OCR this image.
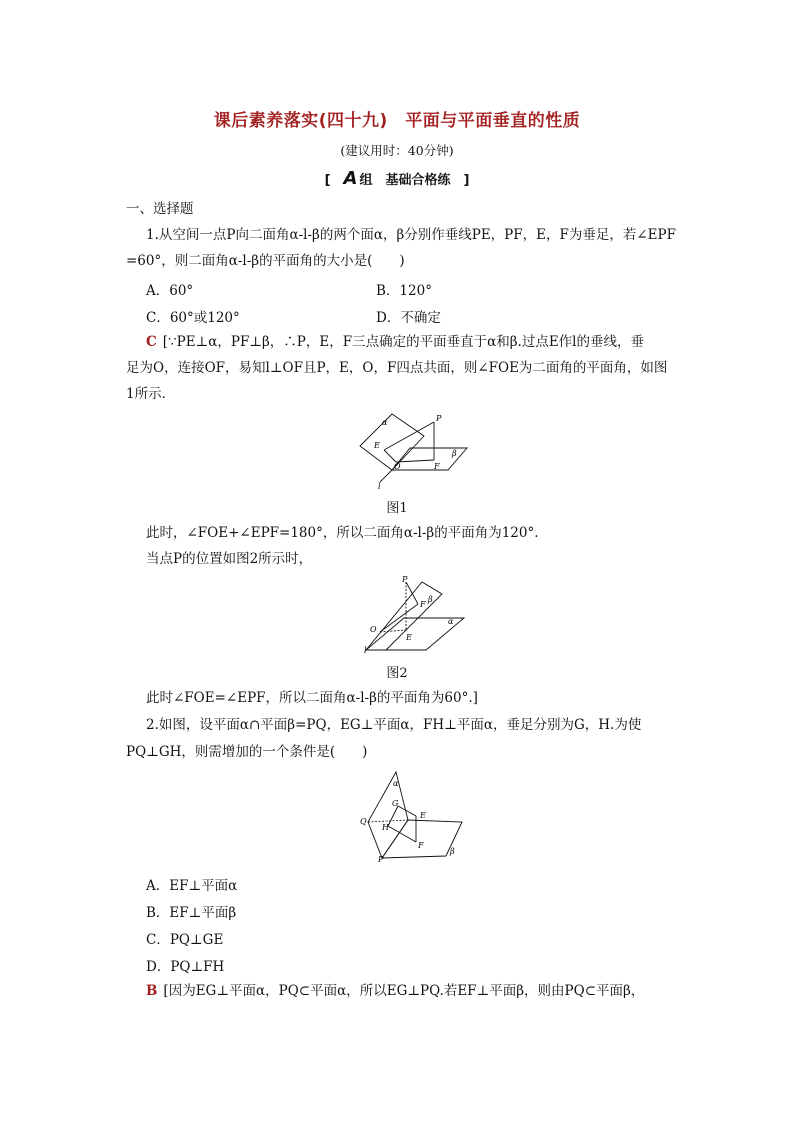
课后素养落实(四十九)　平面与平面垂直的性质
(建议用时：40分钟)
[　A 组　基础合格练　]
一、选择题
1.从空间一点P向二面角α-l-β的两个面α，β分别作垂线PE，PF，E，F为垂足，若∠EPF
=60°，则二面角α-l-β的平面角的大小是(　　)
A．60°	B．120°
C．60°或120°	D．不确定
C [∵PE⊥α，PF⊥β，∴P，E，F三点确定的平面垂直于α和β.过点E作l的垂线，垂
足为O，连接OF，易知l⊥OF且P，E，O，F四点共面，则∠FOE为二面角的平面角，如图
1所示．
α	P
E
O	F
β
l
图1
此时，∠FOE+∠EPF=180°，所以二面角α-l-β的平面角为120°.
当点P的位置如图2所示时，
P
F
β
α
O
E
l
图2
此时∠FOE=∠EPF，所以二面角α-l-β的平面角为60°.]
2.如图，设平面α∩平面β=PQ，EG⊥平面α，FH⊥平面α，垂足分别为G，H.为使
PQ⊥GH，则需增加的一个条件是(　　)
α
G
E
Q
H
F
β
P
A．EF⊥平面α
B．EF⊥平面β
C．PQ⊥GE
D．PQ⊥FH
B [因为EG⊥平面α，PQ⊂平面α，所以EG⊥PQ.若EF⊥平面β，则由PQ⊂平面β，
